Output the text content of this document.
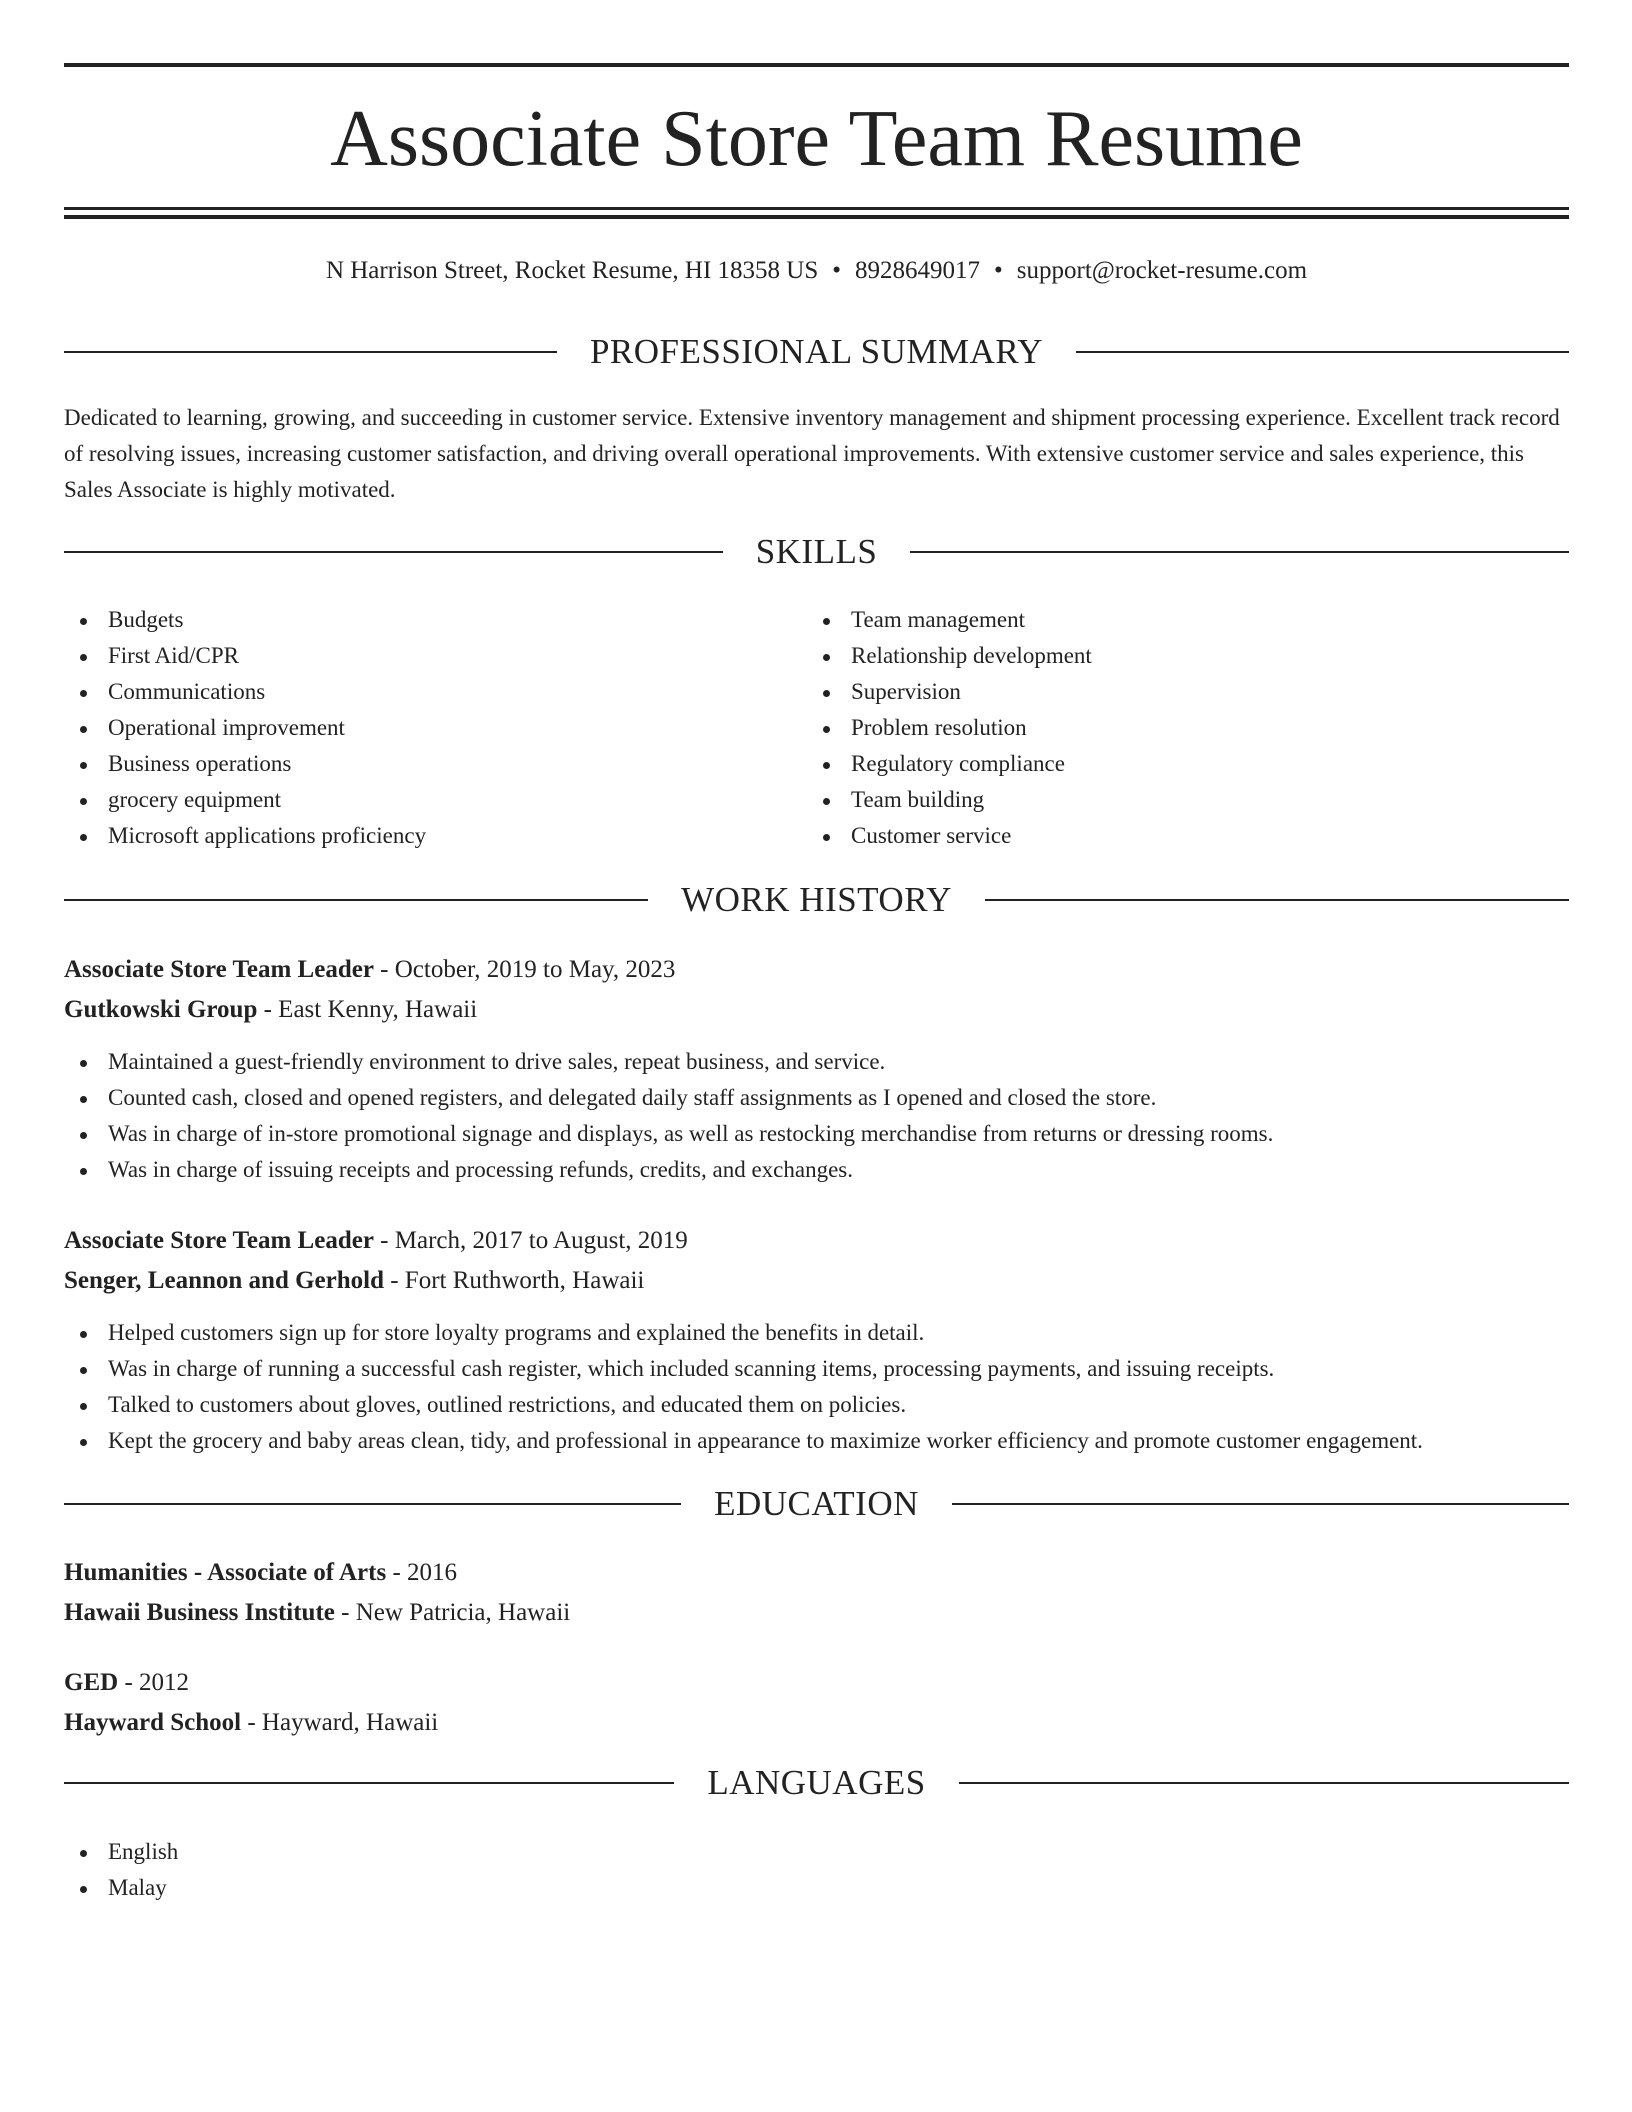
Associate Store Team Resume
N Harrison Street, Rocket Resume, HI 18358 US • 8928649017 • support@rocket-resume.com
PROFESSIONAL SUMMARY

Dedicated to learning, growing, and succeeding in customer service. Extensive inventory management and shipment processing experience. Excellent track record of resolving issues, increasing customer satisfaction, and driving overall operational improvements. With extensive customer service and sales experience, this Sales Associate is highly motivated.

SKILLS
Budgets
First Aid/CPR
Communications
Operational improvement
Business operations
grocery equipment
Microsoft applications proficiency
Team management
Relationship development
Supervision
Problem resolution
Regulatory compliance
Team building
Customer service
WORK HISTORY
Associate Store Team Leader - October, 2019 to May, 2023
Gutkowski Group - East Kenny, Hawaii
Maintained a guest-friendly environment to drive sales, repeat business, and service.
Counted cash, closed and opened registers, and delegated daily staff assignments as I opened and closed the store.
Was in charge of in-store promotional signage and displays, as well as restocking merchandise from returns or dressing rooms.
Was in charge of issuing receipts and processing refunds, credits, and exchanges.
Associate Store Team Leader - March, 2017 to August, 2019
Senger, Leannon and Gerhold - Fort Ruthworth, Hawaii
Helped customers sign up for store loyalty programs and explained the benefits in detail.
Was in charge of running a successful cash register, which included scanning items, processing payments, and issuing receipts.
Talked to customers about gloves, outlined restrictions, and educated them on policies.
Kept the grocery and baby areas clean, tidy, and professional in appearance to maximize worker efficiency and promote customer engagement.
EDUCATION
Humanities - Associate of Arts - 2016
Hawaii Business Institute - New Patricia, Hawaii
GED - 2012
Hayward School - Hayward, Hawaii
LANGUAGES
English
Malay
